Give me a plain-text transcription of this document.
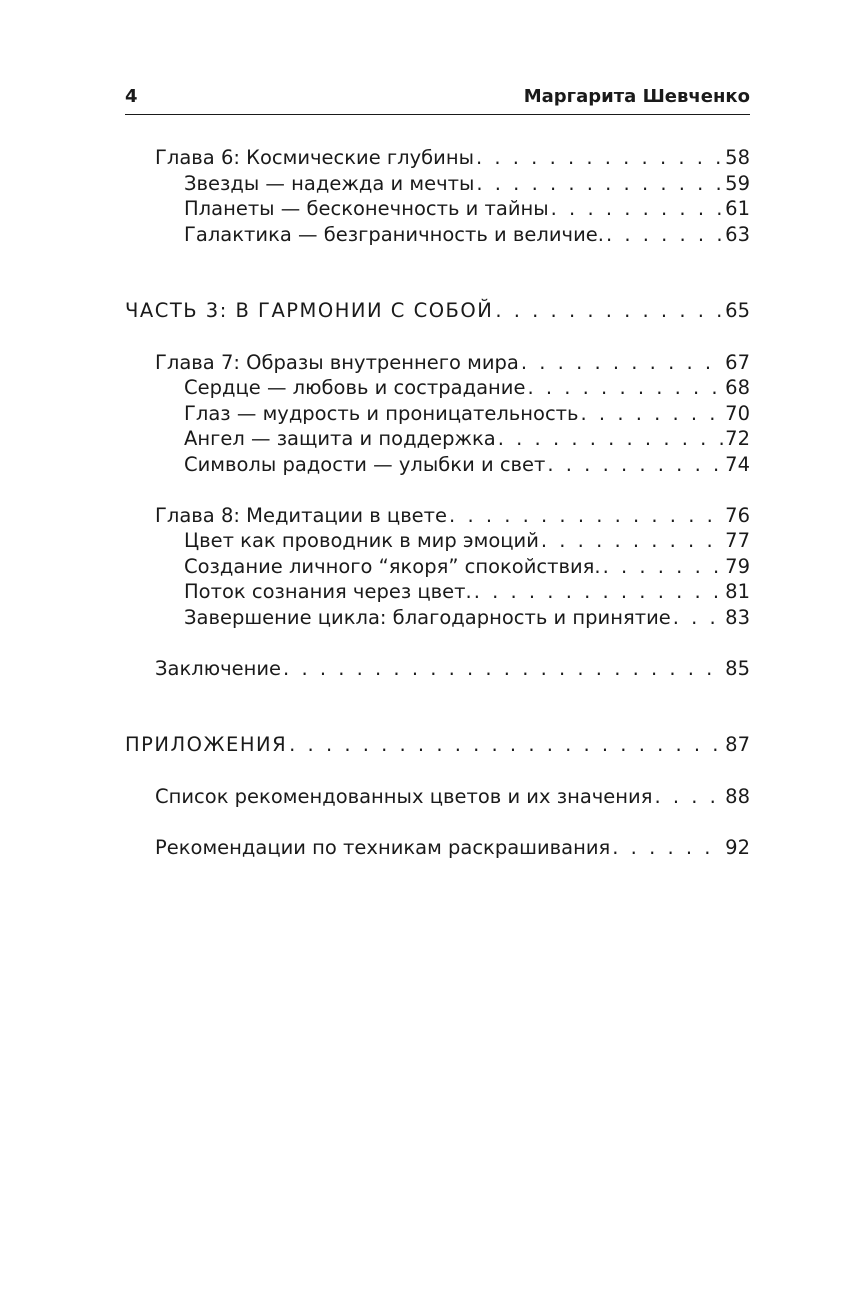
4	Маргарита Шевченко
Глава 6: Космические глубины . . .	58
Звезды — надежда и мечты . . .	59
Планеты — бесконечность и тайны . . .	61
Галактика — безграничность и величие. . . .	63
ЧАСТЬ 3: В ГАРМОНИИ С СОБОЙ . . .	65
Глава 7: Образы внутреннего мира . . .	67
Сердце — любовь и сострадание . . .	68
Глаз — мудрость и проницательность . . .	70
Ангел — защита и поддержка . . .	72
Символы радости — улыбки и свет . . .	74
Глава 8: Медитации в цвете . . .	76
Цвет как проводник в мир эмоций . . .	77
Создание личного “якоря” спокойствия. . . .	79
Поток сознания через цвет. . . .	81
Завершение цикла: благодарность и принятие . . .	83
Заключение . . .	85
ПРИЛОЖЕНИЯ . . .	87
Список рекомендованных цветов и их значения . . .	88
Рекомендации по техникам раскрашивания . . .	92
